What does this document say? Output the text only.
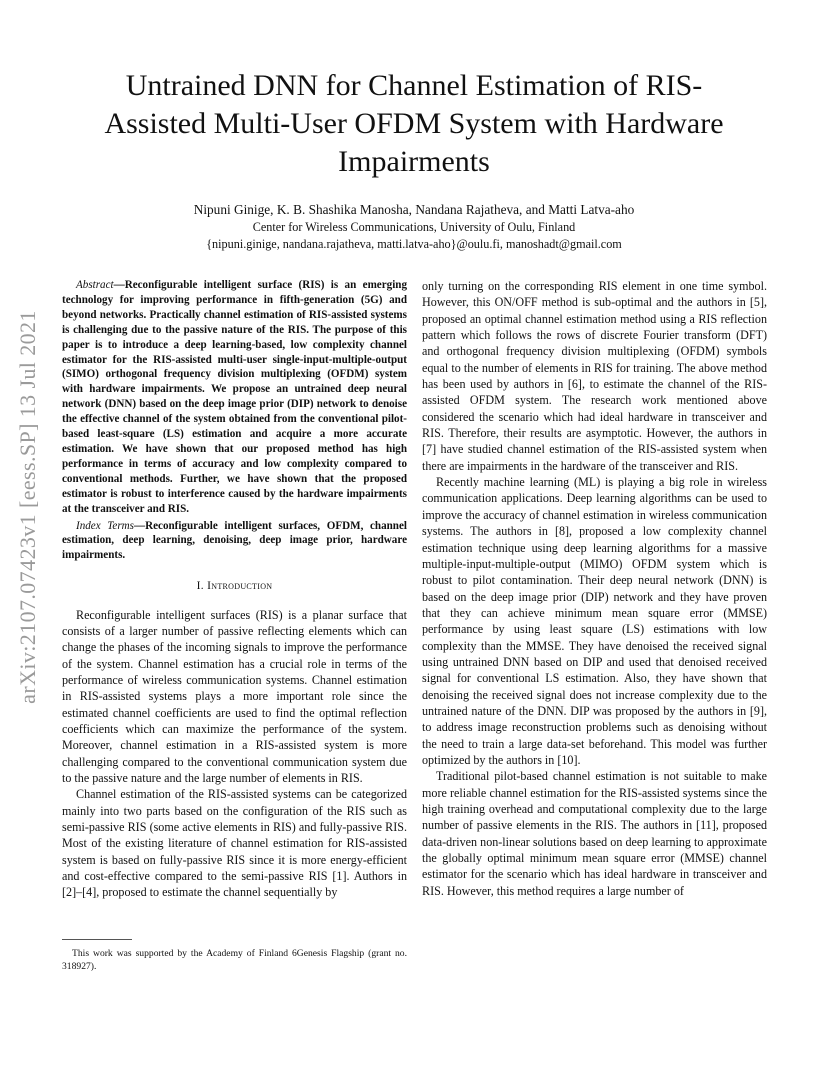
arXiv:2107.07423v1 [eess.SP] 13 Jul 2021
Untrained DNN for Channel Estimation of RIS-Assisted Multi-User OFDM System with Hardware Impairments
Nipuni Ginige, K. B. Shashika Manosha, Nandana Rajatheva, and Matti Latva-aho
Center for Wireless Communications, University of Oulu, Finland
{nipuni.ginige, nandana.rajatheva, matti.latva-aho}@oulu.fi, manoshadt@gmail.com

Abstract—Reconfigurable intelligent surface (RIS) is an emerging technology for improving performance in fifth-generation (5G) and beyond networks. Practically channel estimation of RIS-assisted systems is challenging due to the passive nature of the RIS. The purpose of this paper is to introduce a deep learning-based, low complexity channel estimator for the RIS-assisted multi-user single-input-multiple-output (SIMO) orthogonal frequency division multiplexing (OFDM) system with hardware impairments. We propose an untrained deep neural network (DNN) based on the deep image prior (DIP) network to denoise the effective channel of the system obtained from the conventional pilot-based least-square (LS) estimation and acquire a more accurate estimation. We have shown that our proposed method has high performance in terms of accuracy and low complexity compared to conventional methods. Further, we have shown that the proposed estimator is robust to interference caused by the hardware impairments at the transceiver and RIS.

Index Terms—Reconfigurable intelligent surfaces, OFDM, channel estimation, deep learning, denoising, deep image prior, hardware impairments.

I. Introduction

Reconfigurable intelligent surfaces (RIS) is a planar surface that consists of a larger number of passive reflecting elements which can change the phases of the incoming signals to improve the performance of the system. Channel estimation has a crucial role in terms of the performance of wireless communication systems. Channel estimation in RIS-assisted systems plays a more important role since the estimated channel coefficients are used to find the optimal reflection coefficients which can maximize the performance of the system. Moreover, channel estimation in a RIS-assisted system is more challenging compared to the conventional communication system due to the passive nature and the large number of elements in RIS.

Channel estimation of the RIS-assisted systems can be categorized mainly into two parts based on the configuration of the RIS such as semi-passive RIS (some active elements in RIS) and fully-passive RIS. Most of the existing literature of channel estimation for RIS-assisted system is based on fully-passive RIS since it is more energy-efficient and cost-effective compared to the semi-passive RIS [1]. Authors in [2]–[4], proposed to estimate the channel sequentially by

This work was supported by the Academy of Finland 6Genesis Flagship (grant no. 318927).

only turning on the corresponding RIS element in one time symbol. However, this ON/OFF method is sub-optimal and the authors in [5], proposed an optimal channel estimation method using a RIS reflection pattern which follows the rows of discrete Fourier transform (DFT) and orthogonal frequency division multiplexing (OFDM) symbols equal to the number of elements in RIS for training. The above method has been used by authors in [6], to estimate the channel of the RIS-assisted OFDM system. The research work mentioned above considered the scenario which had ideal hardware in transceiver and RIS. Therefore, their results are asymptotic. However, the authors in [7] have studied channel estimation of the RIS-assisted system when there are impairments in the hardware of the transceiver and RIS.

Recently machine learning (ML) is playing a big role in wireless communication applications. Deep learning algorithms can be used to improve the accuracy of channel estimation in wireless communication systems. The authors in [8], proposed a low complexity channel estimation technique using deep learning algorithms for a massive multiple-input-multiple-output (MIMO) OFDM system which is robust to pilot contamination. Their deep neural network (DNN) is based on the deep image prior (DIP) network and they have proven that they can achieve minimum mean square error (MMSE) performance by using least square (LS) estimations with low complexity than the MMSE. They have denoised the received signal using untrained DNN based on DIP and used that denoised received signal for conventional LS estimation. Also, they have shown that denoising the received signal does not increase complexity due to the untrained nature of the DNN. DIP was proposed by the authors in [9], to address image reconstruction problems such as denoising without the need to train a large data-set beforehand. This model was further optimized by the authors in [10].

Traditional pilot-based channel estimation is not suitable to make more reliable channel estimation for the RIS-assisted systems since the high training overhead and computational complexity due to the large number of passive elements in the RIS. The authors in [11], proposed data-driven non-linear solutions based on deep learning to approximate the globally optimal minimum mean square error (MMSE) channel estimator for the scenario which has ideal hardware in transceiver and RIS. However, this method requires a large number of
